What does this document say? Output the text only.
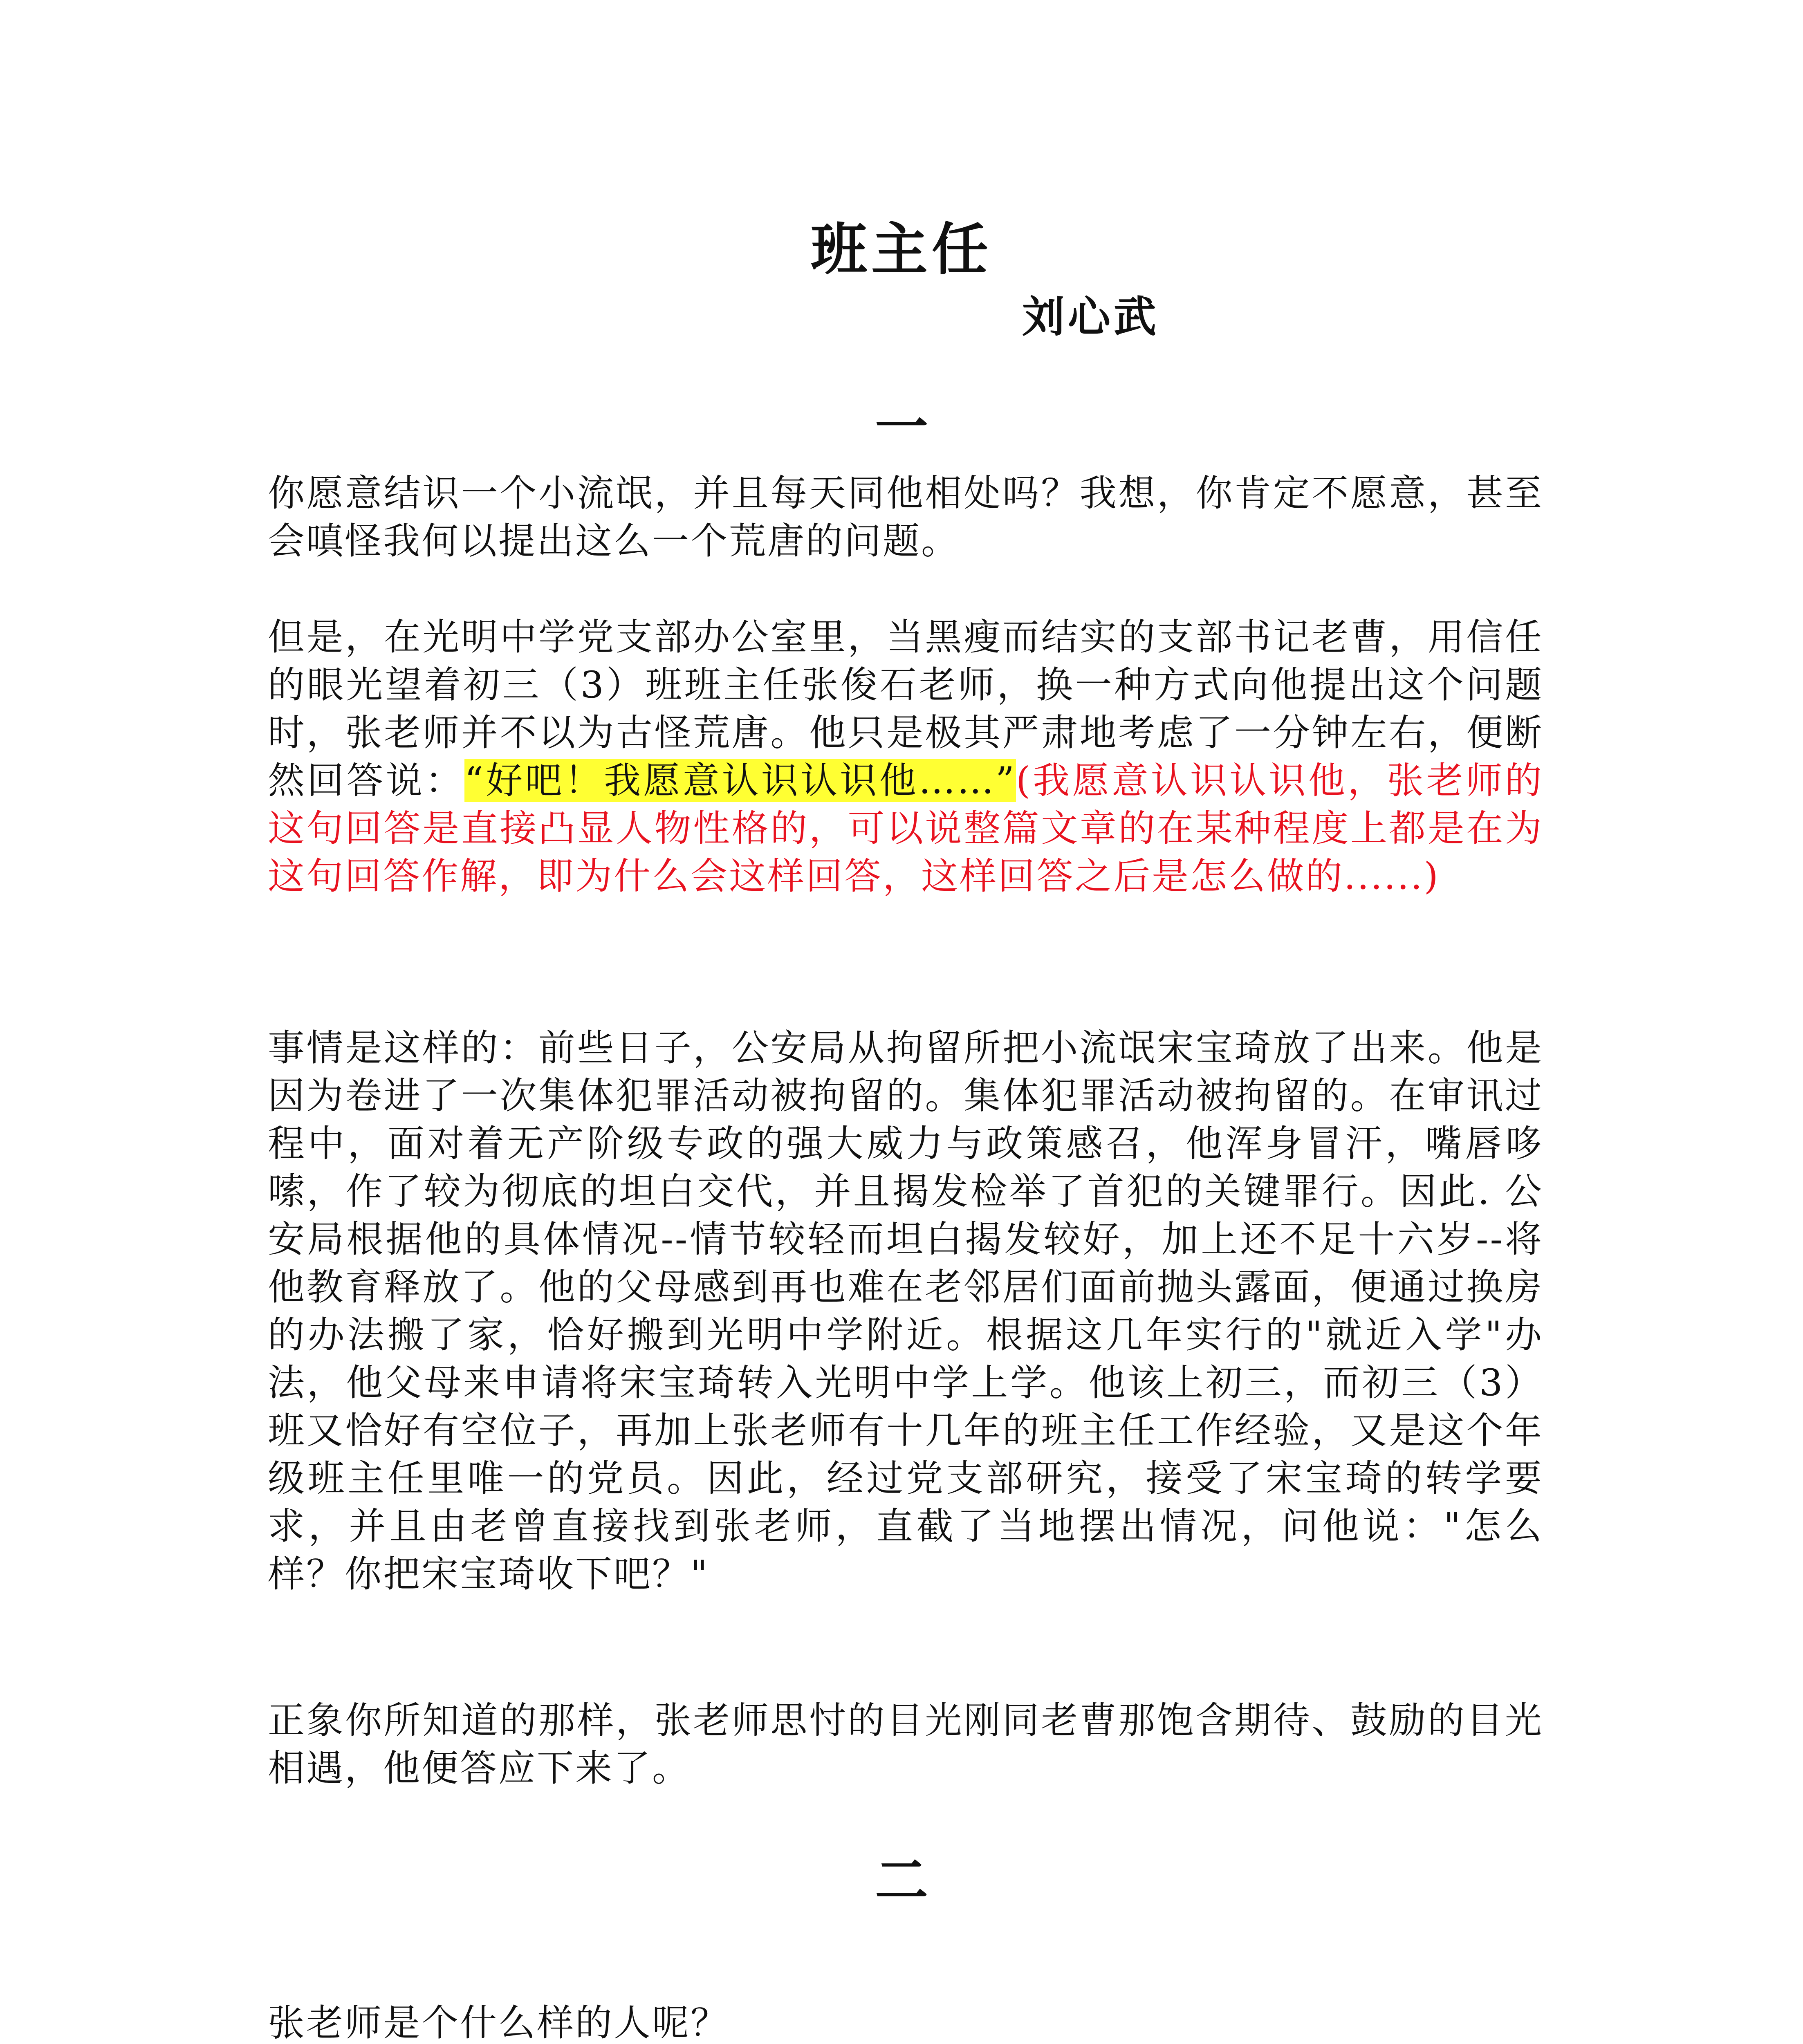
班主任
刘心武
一

你愿意结识一个小流氓，并且每天同他相处吗？我想，你肯定不愿意，甚至会嗔怪我何以提出这么一个荒唐的问题。

但是，在光明中学党支部办公室里，当黑瘦而结实的支部书记老曹，用信任的眼光望着初三（3）班班主任张俊石老师，换一种方式向他提出这个问题时，张老师并不以为古怪荒唐。他只是极其严肃地考虑了一分钟左右，便断然回答说：“好吧！我愿意认识认识他……”(我愿意认识认识他，张老师的这句回答是直接凸显人物性格的，可以说整篇文章的在某种程度上都是在为这句回答作解，即为什么会这样回答，这样回答之后是怎么做的......)

事情是这样的：前些日子，公安局从拘留所把小流氓宋宝琦放了出来。他是因为卷进了一次集体犯罪活动被拘留的。集体犯罪活动被拘留的。在审讯过程中，面对着无产阶级专政的强大威力与政策感召，他浑身冒汗，嘴唇哆嗦，作了较为彻底的坦白交代，并且揭发检举了首犯的关键罪行。因此. 公安局根据他的具体情况--情节较轻而坦白揭发较好，加上还不足十六岁--将他教育释放了。他的父母感到再也难在老邻居们面前抛头露面，便通过换房的办法搬了家，恰好搬到光明中学附近。根据这几年实行的"就近入学"办法，他父母来申请将宋宝琦转入光明中学上学。他该上初三，而初三（3）班又恰好有空位子，再加上张老师有十几年的班主任工作经验，又是这个年级班主任里唯一的党员。因此，经过党支部研究，接受了宋宝琦的转学要求，并且由老曾直接找到张老师，直截了当地摆出情况，问他说："怎么样？你把宋宝琦收下吧？"

正象你所知道的那样，张老师思忖的目光刚同老曹那饱含期待、鼓励的目光相遇，他便答应下来了。

二

张老师是个什么样的人呢？
